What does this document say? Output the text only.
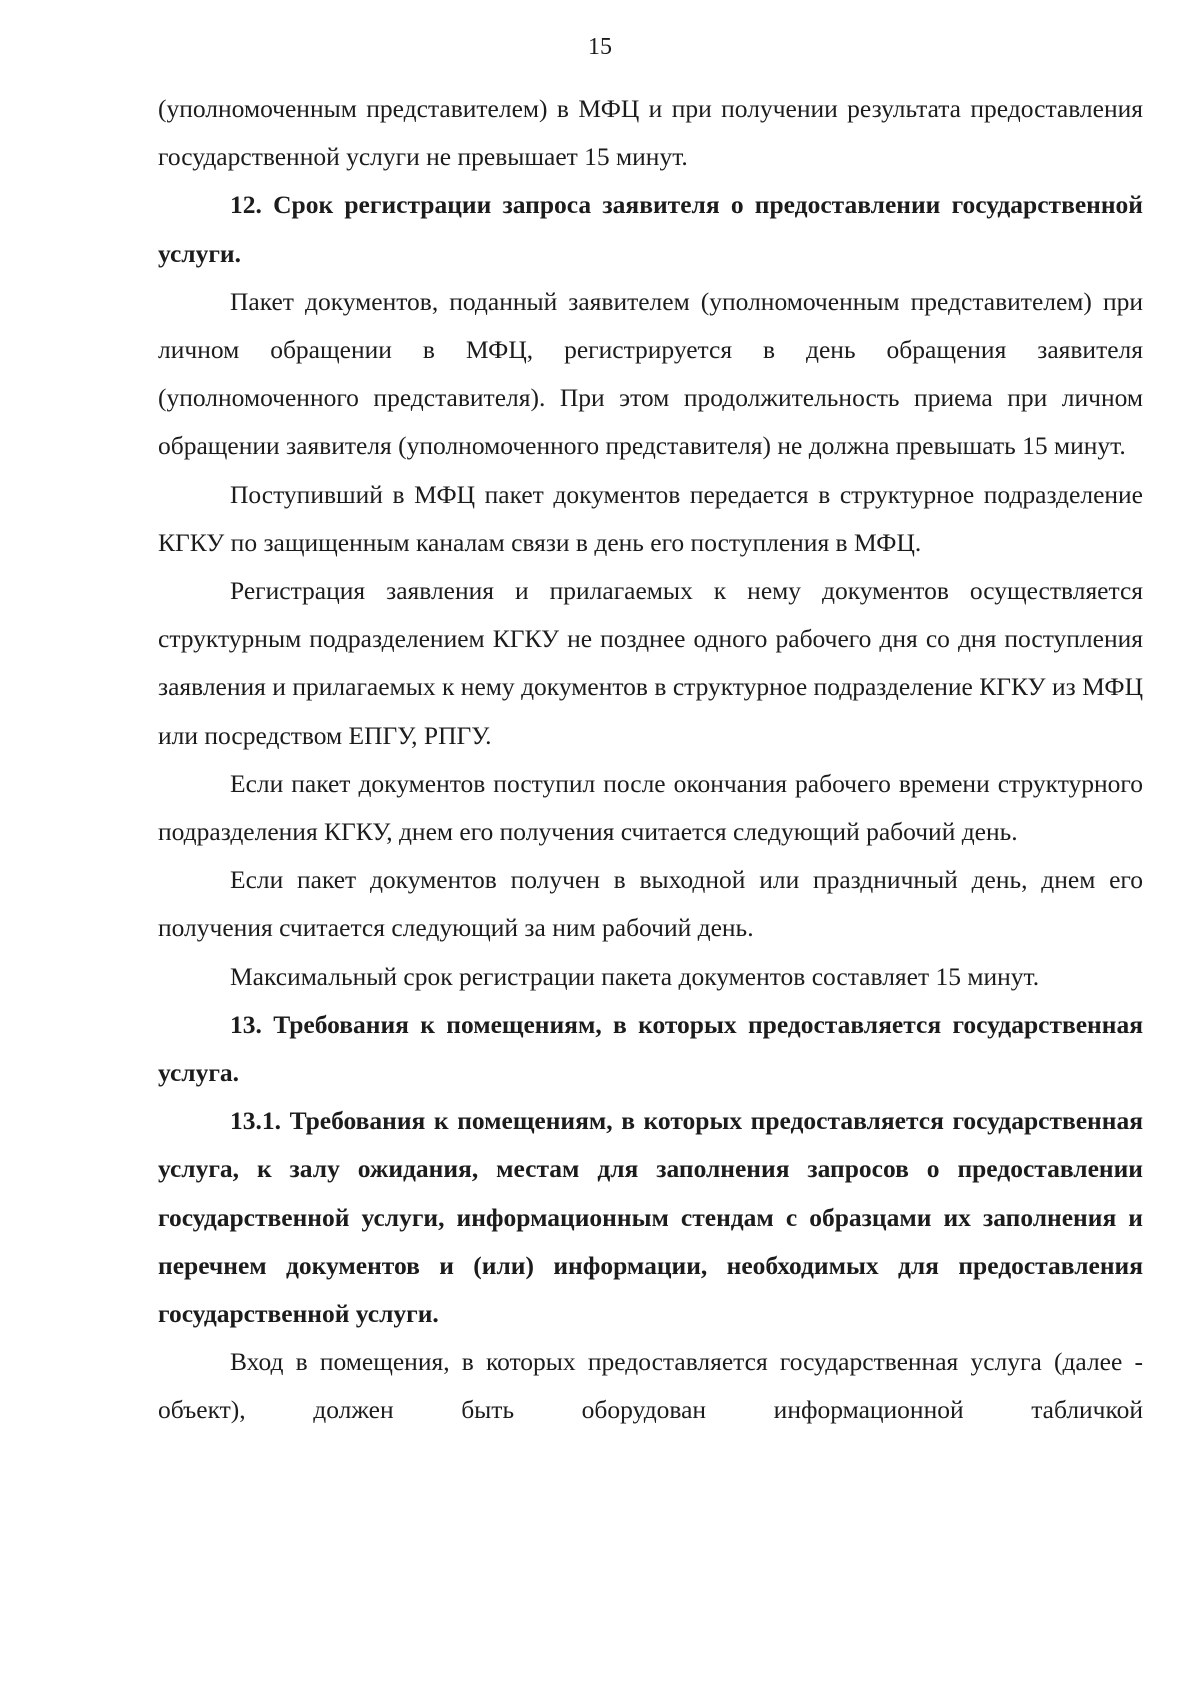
15

(уполномоченным представителем) в МФЦ и при получении результата предоставления государственной услуги не превышает 15 минут.

12. Срок регистрации запроса заявителя о предоставлении государственной услуги.

Пакет документов, поданный заявителем (уполномоченным представителем) при личном обращении в МФЦ, регистрируется в день обращения заявителя (уполномоченного представителя). При этом продолжительность приема при личном обращении заявителя (уполномоченного представителя) не должна превышать 15 минут.

Поступивший в МФЦ пакет документов передается в структурное подразделение КГКУ по защищенным каналам связи в день его поступления в МФЦ.

Регистрация заявления и прилагаемых к нему документов осуществляется структурным подразделением КГКУ не позднее одного рабочего дня со дня поступления заявления и прилагаемых к нему документов в структурное подразделение КГКУ из МФЦ или посредством ЕПГУ, РПГУ.

Если пакет документов поступил после окончания рабочего времени структурного подразделения КГКУ, днем его получения считается следующий рабочий день.

Если пакет документов получен в выходной или праздничный день, днем его получения считается следующий за ним рабочий день.

Максимальный срок регистрации пакета документов составляет 15 минут.

13. Требования к помещениям, в которых предоставляется государственная услуга.

13.1. Требования к помещениям, в которых предоставляется государственная услуга, к залу ожидания, местам для заполнения запросов о предоставлении государственной услуги, информационным стендам с образцами их заполнения и перечнем документов и (или) информации, необходимых для предоставления государственной услуги.

Вход в помещения, в которых предоставляется государственная услуга (далее - объект), должен быть оборудован информационной табличкой
